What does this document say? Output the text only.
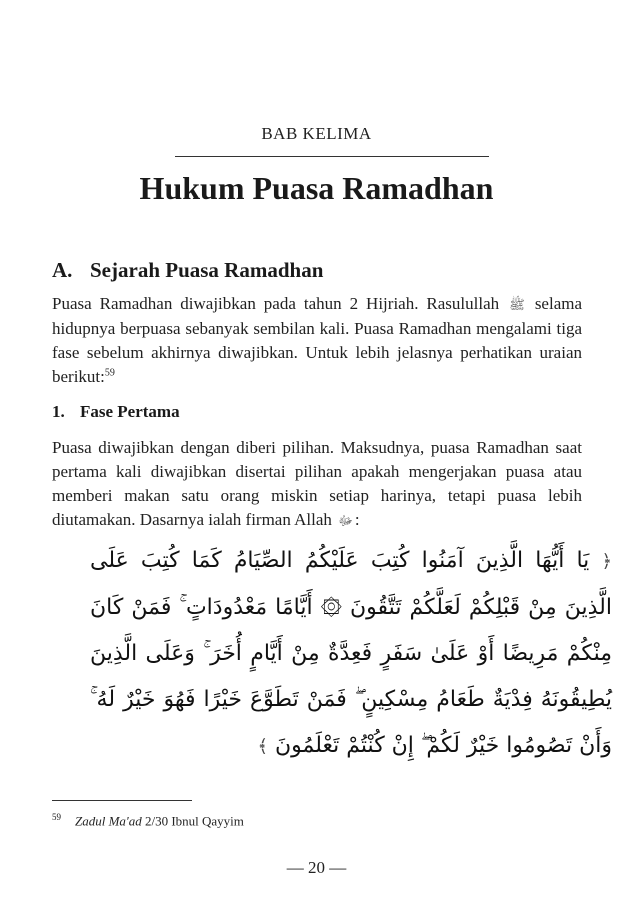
BAB KELIMA
Hukum Puasa Ramadhan
A. Sejarah Puasa Ramadhan
Puasa Ramadhan diwajibkan pada tahun 2 Hijriah. Rasulullah ﷺ selama hidupnya berpuasa sebanyak sembilan kali. Puasa Ramadhan mengalami tiga fase sebelum akhirnya diwajibkan. Untuk lebih jelasnya perhatikan uraian berikut:$^{59}$
1. Fase Pertama
Puasa diwajibkan dengan diberi pilihan. Maksudnya, puasa Ramadhan saat pertama kali diwajibkan disertai pilihan apakah mengerjakan puasa atau memberi makan satu orang miskin setiap harinya, tetapi puasa lebih diutamakan. Dasarnya ialah firman Allah ﷻ :
﴿ يَا أَيُّهَا الَّذِينَ آمَنُوا كُتِبَ عَلَيْكُمُ الصِّيَامُ كَمَا كُتِبَ عَلَى الَّذِينَ مِنْ قَبْلِكُمْ لَعَلَّكُمْ تَتَّقُونَ ۞ أَيَّامًا مَعْدُودَاتٍ ۚ فَمَنْ كَانَ مِنْكُمْ مَرِيضًا أَوْ عَلَىٰ سَفَرٍ فَعِدَّةٌ مِنْ أَيَّامٍ أُخَرَ ۚ وَعَلَى الَّذِينَ يُطِيقُونَهُ فِدْيَةٌ طَعَامُ مِسْكِينٍ ۖ فَمَنْ تَطَوَّعَ خَيْرًا فَهُوَ خَيْرٌ لَهُ ۚ وَأَنْ تَصُومُوا خَيْرٌ لَكُمْ ۖ إِنْ كُنْتُمْ تَعْلَمُونَ ﴾
$^{59}$ Zadul Ma'ad 2/30 Ibnul Qayyim
— 20 —
